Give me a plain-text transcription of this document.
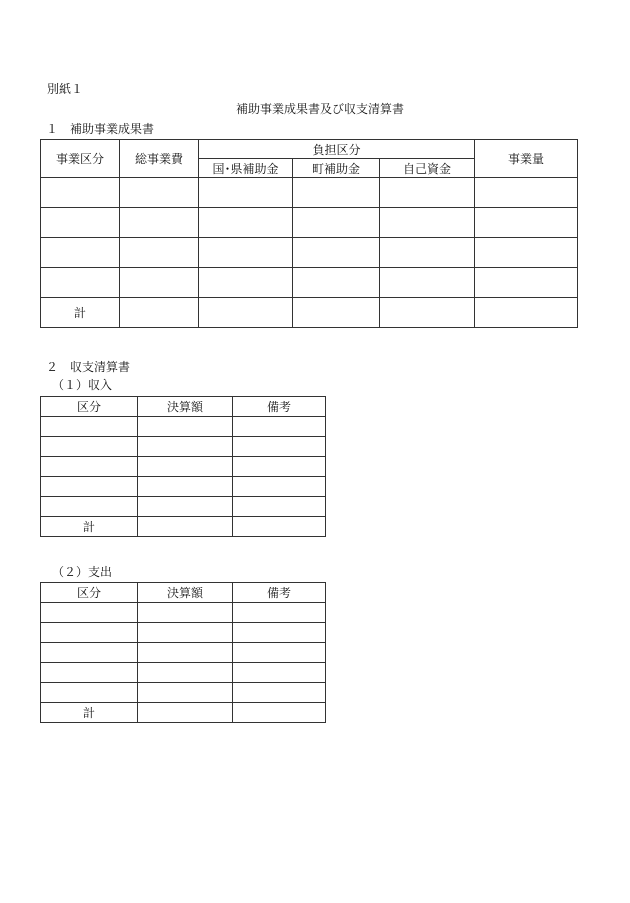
別紙１
補助事業成果書及び収支清算書
１　補助事業成果書
事業区分	総事業費	負担区分			事業量
		国･県補助金	町補助金	自己資金	

計					
２　収支清算書
（１）収入
区分	決算額	備考

計		
（２）支出
区分	決算額	備考

計		
